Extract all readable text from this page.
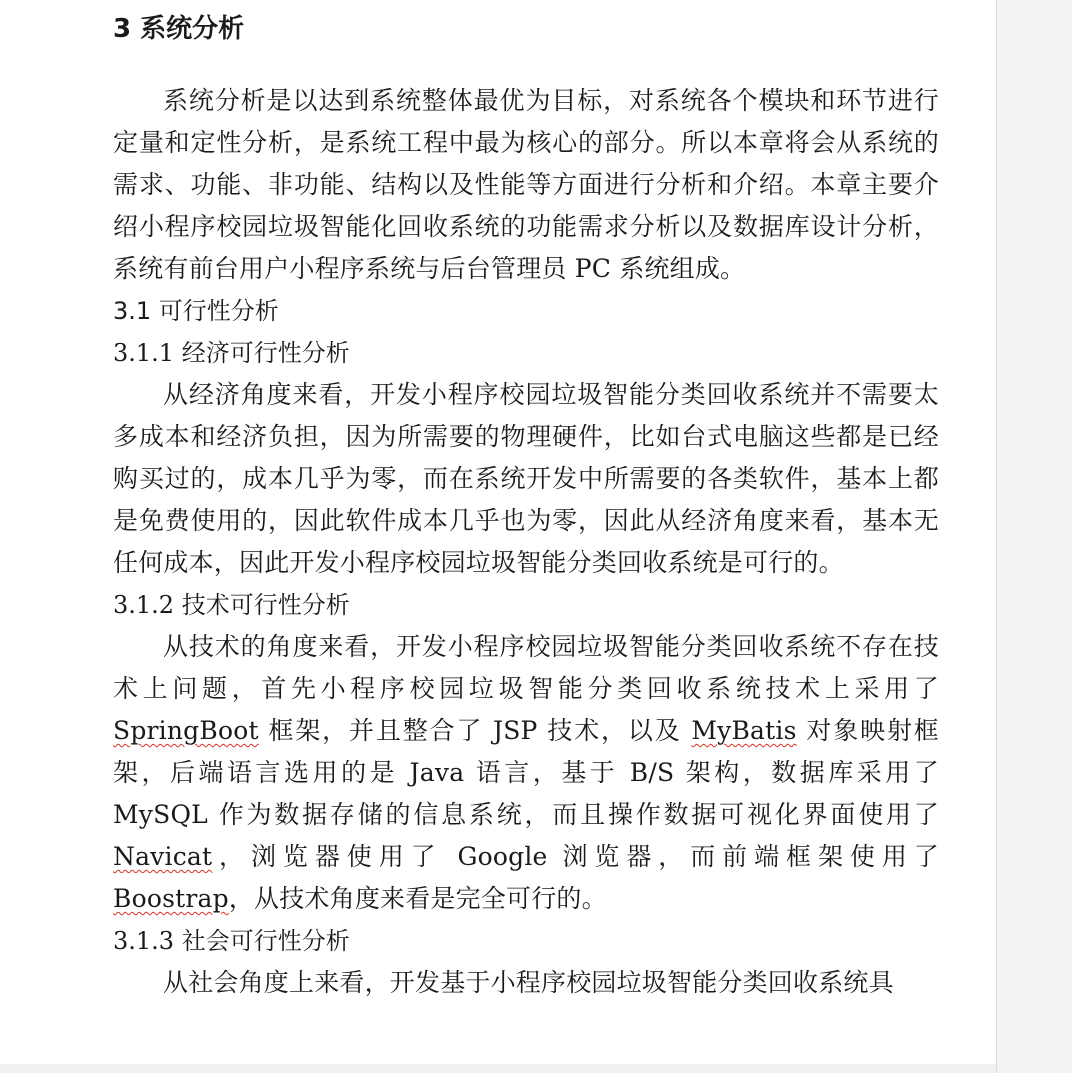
3 系统分析

系统分析是以达到系统整体最优为目标，对系统各个模块和环节进行定量和定性分析，是系统工程中最为核心的部分。所以本章将会从系统的需求、功能、非功能、结构以及性能等方面进行分析和介绍。本章主要介绍小程序校园垃圾智能化回收系统的功能需求分析以及数据库设计分析，系统有前台用户小程序系统与后台管理员 PC 系统组成。

3.1 可行性分析
3.1.1 经济可行性分析

从经济角度来看，开发小程序校园垃圾智能分类回收系统并不需要太多成本和经济负担，因为所需要的物理硬件，比如台式电脑这些都是已经购买过的，成本几乎为零，而在系统开发中所需要的各类软件，基本上都是免费使用的，因此软件成本几乎也为零，因此从经济角度来看，基本无任何成本，因此开发小程序校园垃圾智能分类回收系统是可行的。

3.1.2 技术可行性分析

从技术的角度来看，开发小程序校园垃圾智能分类回收系统不存在技术上问题，首先小程序校园垃圾智能分类回收系统技术上采用了SpringBoot 框架，并且整合了 JSP 技术，以及 MyBatis 对象映射框架，后端语言选用的是 Java 语言，基于 B/S 架构，数据库采用了 MySQL 作为数据存储的信息系统，而且操作数据可视化界面使用了 Navicat，浏览器使用了 Google 浏览器，而前端框架使用了 Boostrap，从技术角度来看是完全可行的。

3.1.3 社会可行性分析

从社会角度上来看，开发基于小程序校园垃圾智能分类回收系统具
